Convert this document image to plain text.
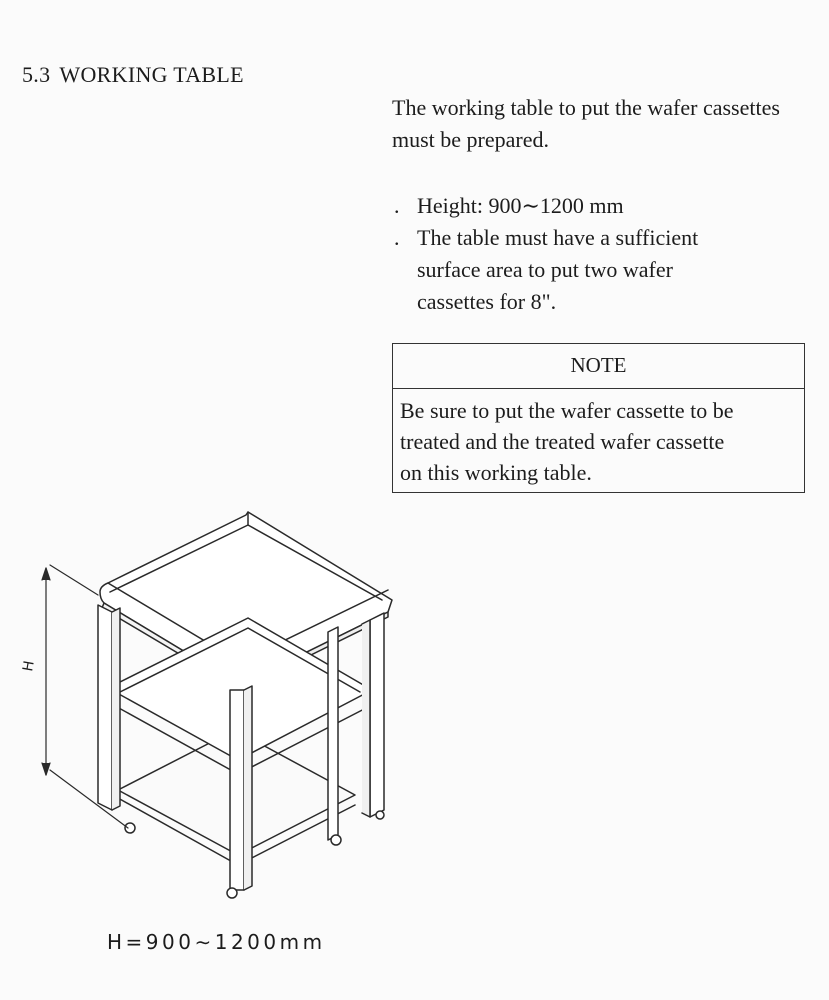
5.3 WORKING TABLE

The working table to put the wafer cassettes must be prepared.

. Height: 900∼1200 mm
. The table must have a sufficient
surface area to put two wafer
cassettes for 8".
NOTE

Be sure to put the wafer cassette to be
treated and the treated wafer cassette
on this working table.

H
H=900∼1200mm
